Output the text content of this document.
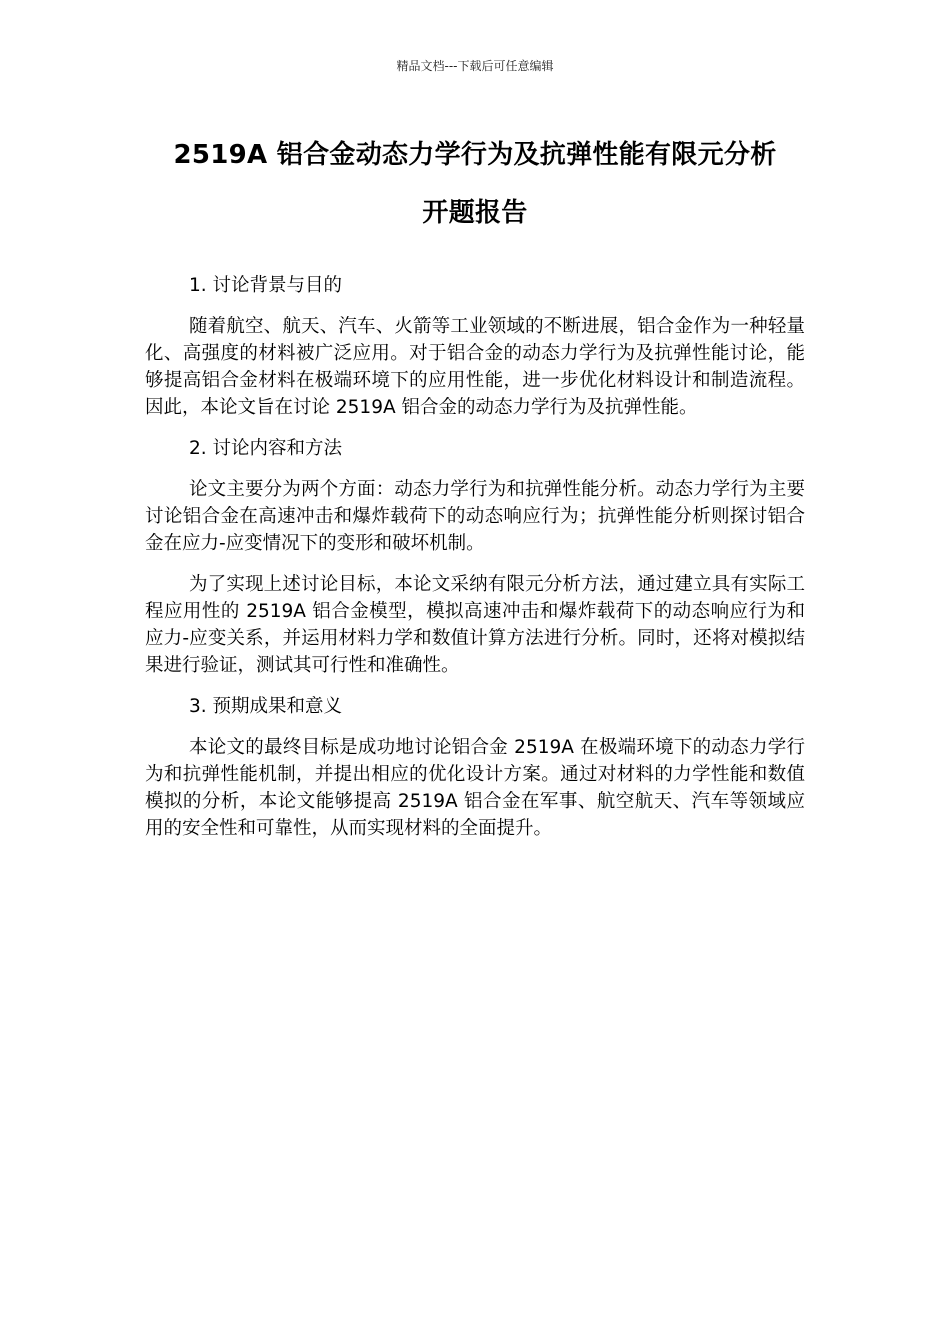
精品文档---下载后可任意编辑
2519A 铝合金动态力学行为及抗弹性能有限元分析
开题报告
1. 讨论背景与目的

随着航空、航天、汽车、火箭等工业领域的不断进展，铝合金作为一种轻量化、高强度的材料被广泛应用。对于铝合金的动态力学行为及抗弹性能讨论，能够提高铝合金材料在极端环境下的应用性能，进一步优化材料设计和制造流程。因此，本论文旨在讨论 2519A 铝合金的动态力学行为及抗弹性能。

2. 讨论内容和方法

论文主要分为两个方面：动态力学行为和抗弹性能分析。动态力学行为主要讨论铝合金在高速冲击和爆炸载荷下的动态响应行为；抗弹性能分析则探讨铝合金在应力-应变情况下的变形和破坏机制。

为了实现上述讨论目标，本论文采纳有限元分析方法，通过建立具有实际工程应用性的 2519A 铝合金模型，模拟高速冲击和爆炸载荷下的动态响应行为和应力-应变关系，并运用材料力学和数值计算方法进行分析。同时，还将对模拟结果进行验证，测试其可行性和准确性。

3. 预期成果和意义

本论文的最终目标是成功地讨论铝合金 2519A 在极端环境下的动态力学行为和抗弹性能机制，并提出相应的优化设计方案。通过对材料的力学性能和数值模拟的分析，本论文能够提高 2519A 铝合金在军事、航空航天、汽车等领域应用的安全性和可靠性，从而实现材料的全面提升。
